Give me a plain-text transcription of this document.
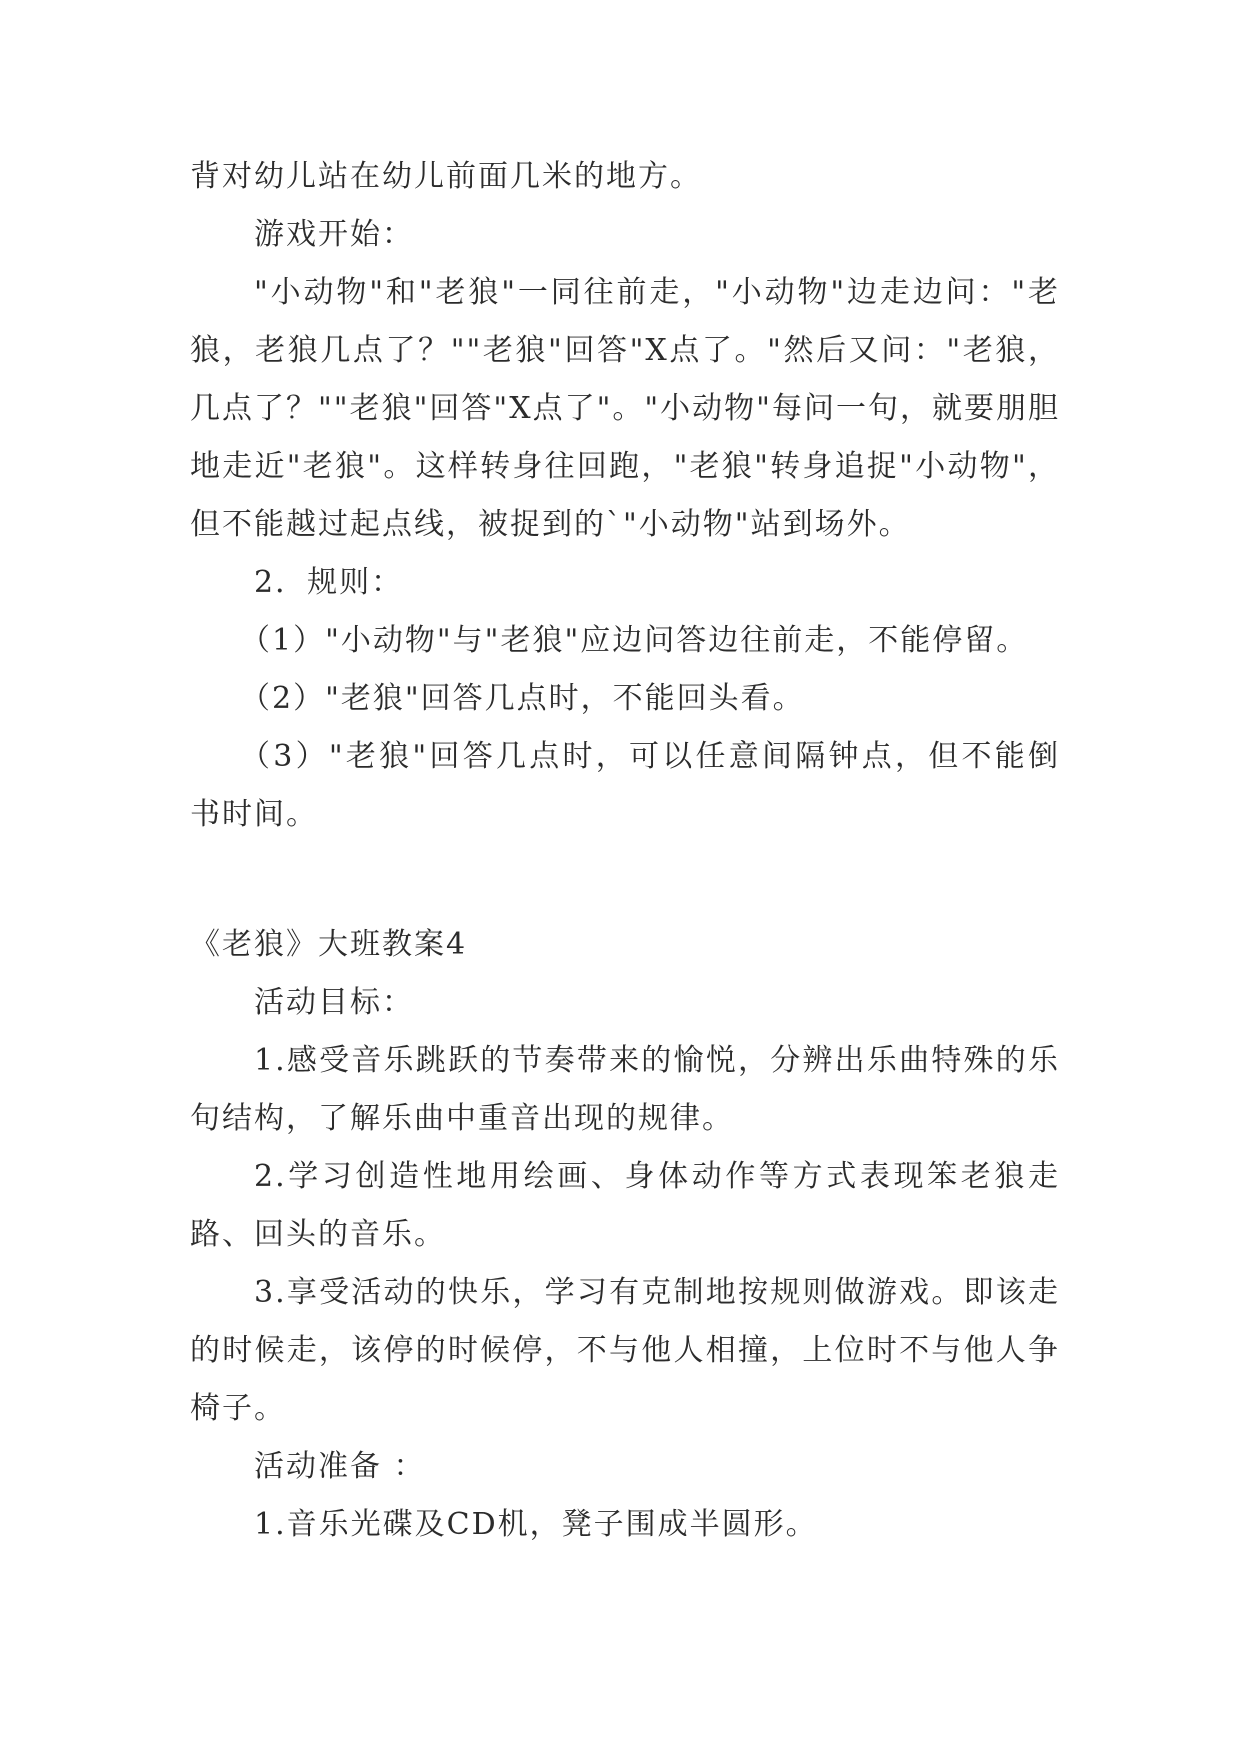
背对幼儿站在幼儿前面几米的地方。

游戏开始：

"小动物"和"老狼"一同往前走，"小动物"边走边问："老狼，老狼几点了？""老狼"回答"X点了。"然后又问："老狼，几点了？""老狼"回答"X点了"。"小动物"每问一句，就要朋胆地走近"老狼"。这样转身往回跑，"老狼"转身追捉"小动物"，但不能越过起点线，被捉到的`"小动物"站到场外。

2．规则：

（1）"小动物"与"老狼"应边问答边往前走，不能停留。

（2）"老狼"回答几点时，不能回头看。

（3）"老狼"回答几点时，可以任意间隔钟点，但不能倒书时间。

《老狼》大班教案4

活动目标：

1.感受音乐跳跃的节奏带来的愉悦，分辨出乐曲特殊的乐句结构，了解乐曲中重音出现的规律。

2.学习创造性地用绘画、身体动作等方式表现笨老狼走路、回头的音乐。

3.享受活动的快乐，学习有克制地按规则做游戏。即该走的时候走，该停的时候停，不与他人相撞，上位时不与他人争椅子。

活动准备 ：

1.音乐光碟及CD机，凳子围成半圆形。
